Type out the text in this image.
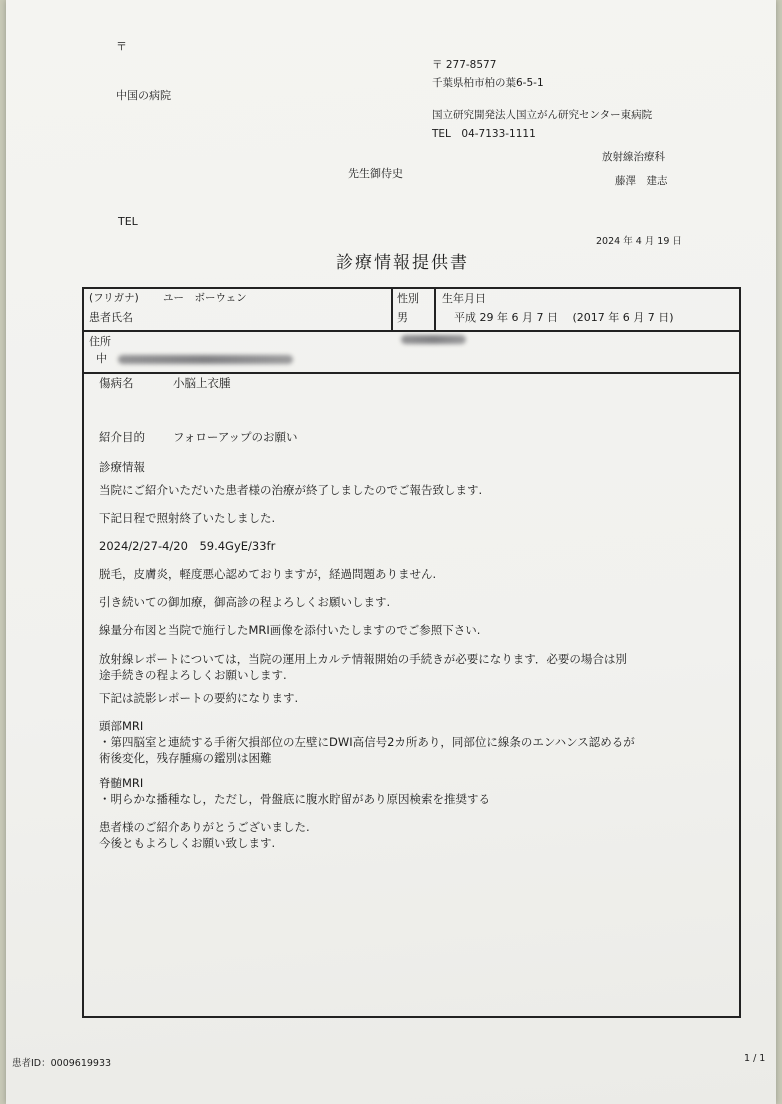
〒
中国の病院
先生御侍史
TEL
〒 277-8577
千葉県柏市柏の葉6-5-1
国立研究開発法人国立がん研究センター東病院
TEL　04-7133-1111
放射線治療科
藤澤　建志
2024 年 4 月 19 日
診療情報提供書
(フリガナ) ユー　ボーウェン
患者氏名
性別
男
生年月日
平成 29 年 6 月 7 日　 (2017 年 6 月 7 日)
住所
中
傷病名	小脳上衣腫
紹介目的 フォローアップのお願い
診療情報
当院にご紹介いただいた患者様の治療が終了しましたのでご報告致します.
下記日程で照射終了いたしました.
2024/2/27-4/20　59.4GyE/33fr
脱毛，皮膚炎，軽度悪心認めておりますが，経過問題ありません.
引き続いての御加療，御高診の程よろしくお願いします.
線量分布図と当院で施行したMRI画像を添付いたしますのでご参照下さい.
放射線レポートについては，当院の運用上カルテ情報開始の手続きが必要になります．必要の場合は別
途手続きの程よろしくお願いします.
下記は読影レポートの要約になります.
頭部MRI
・第四脳室と連続する手術欠損部位の左壁にDWI高信号2カ所あり，同部位に線条のエンハンス認めるが
術後変化，残存腫瘍の鑑別は困難
脊髄MRI
・明らかな播種なし，ただし，骨盤底に腹水貯留があり原因検索を推奨する
患者様のご紹介ありがとうございました.
今後ともよろしくお願い致します.
患者ID：0009619933	1 / 1
